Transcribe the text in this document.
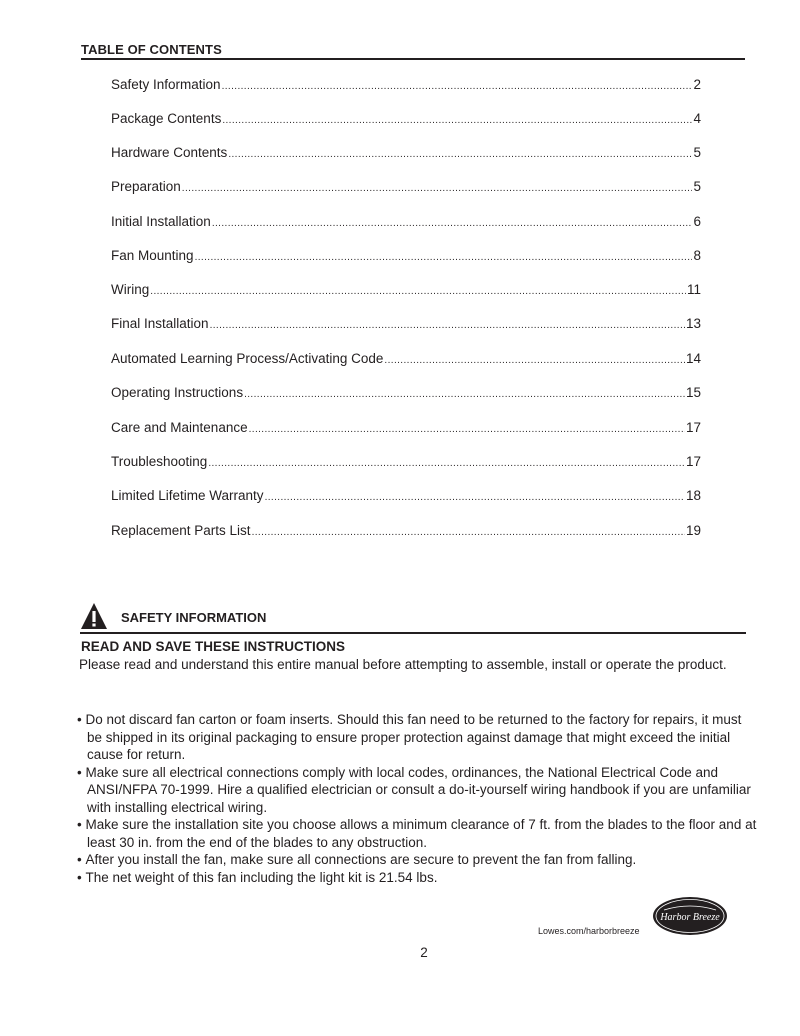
TABLE OF CONTENTS
Safety Information .....	2
Package Contents .....	4
Hardware Contents .....	5
Preparation .....	5
Initial Installation .....	6
Fan Mounting .....	8
Wiring .....	11
Final Installation .....	13
Automated Learning Process/Activating Code .....	14
Operating Instructions .....	15
Care and Maintenance .....	17
Troubleshooting .....	17
Limited Lifetime Warranty .....	18
Replacement Parts List .....	19
SAFETY INFORMATION
READ AND SAVE THESE INSTRUCTIONS
Please read and understand this entire manual before attempting to assemble, install or operate the product.
• Do not discard fan carton or foam inserts. Should this fan need to be returned to the factory for repairs, it must be shipped in its original packaging to ensure proper protection against damage that might exceed the initial cause for return.
• Make sure all electrical connections comply with local codes, ordinances, the National Electrical Code and ANSI/NFPA 70-1999. Hire a qualified electrician or consult a do-it-yourself wiring handbook if you are unfamiliar with installing electrical wiring.
• Make sure the installation site you choose allows a minimum clearance of 7 ft. from the blades to the floor and at least 30 in. from the end of the blades to any obstruction.
• After you install the fan, make sure all connections are secure to prevent the fan from falling.
• The net weight of this fan including the light kit is 21.54 lbs.
Harbor Breeze
Lowes.com/harborbreeze
2
